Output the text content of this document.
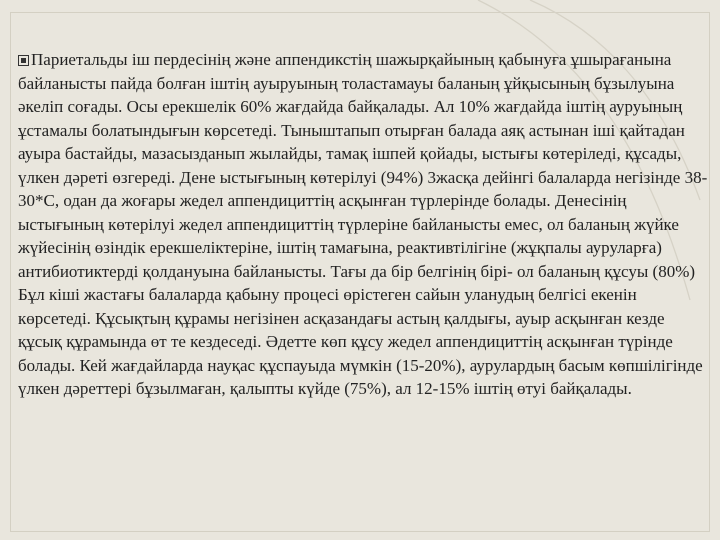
Париетальды іш пердесінің және аппендикстің шажырқайының қабынуға ұшырағанына байланысты пайда болған іштің ауыруының толастамауы баланың ұйқысының бұзылуына әкеліп соғады. Осы ерекшелік 60% жағдайда байқалады. Ал 10% жағдайда іштің ауруының ұстамалы болатындығын көрсетеді. Тыныштапып отырған балада аяқ астынан іші қайтадан ауыра бастайды, мазасызданып жылайды, тамақ ішпей қойады, ыстығы көтеріледі, құсады, үлкен дәреті өзгереді. Дене ыстығының көтерілуі (94%) 3жасқа дейінгі балаларда негізінде 38-30*С, одан да жоғары жедел аппендициттің асқынған түрлерінде болады. Денесінің ыстығының көтерілуі жедел аппендициттің түрлеріне байланысты емес, ол баланың жүйке жүйесінің өзіндік ерекшеліктеріне, іштің тамағына, реактивтілігіне (жұқпалы ауруларға) антибиотиктерді қолдануына байланысты. Тағы да бір белгінің бірі- ол баланың құсуы (80%) Бұл кіші жастағы балаларда қабыну процесі өрістеген сайын уланудың белгісі екенін көрсетеді. Құсықтың құрамы негізінен асқазандағы астың қалдығы, ауыр асқынған кезде құсық құрамында өт те кездеседі. Әдетте көп құсу жедел аппендициттің асқынған түрінде болады. Кей жағдайларда науқас құспауыда мүмкін (15-20%), аурулардың басым көпшілігінде үлкен дәреттері бұзылмаған, қалыпты күйде (75%), ал 12-15% іштің өтуі байқалады.
